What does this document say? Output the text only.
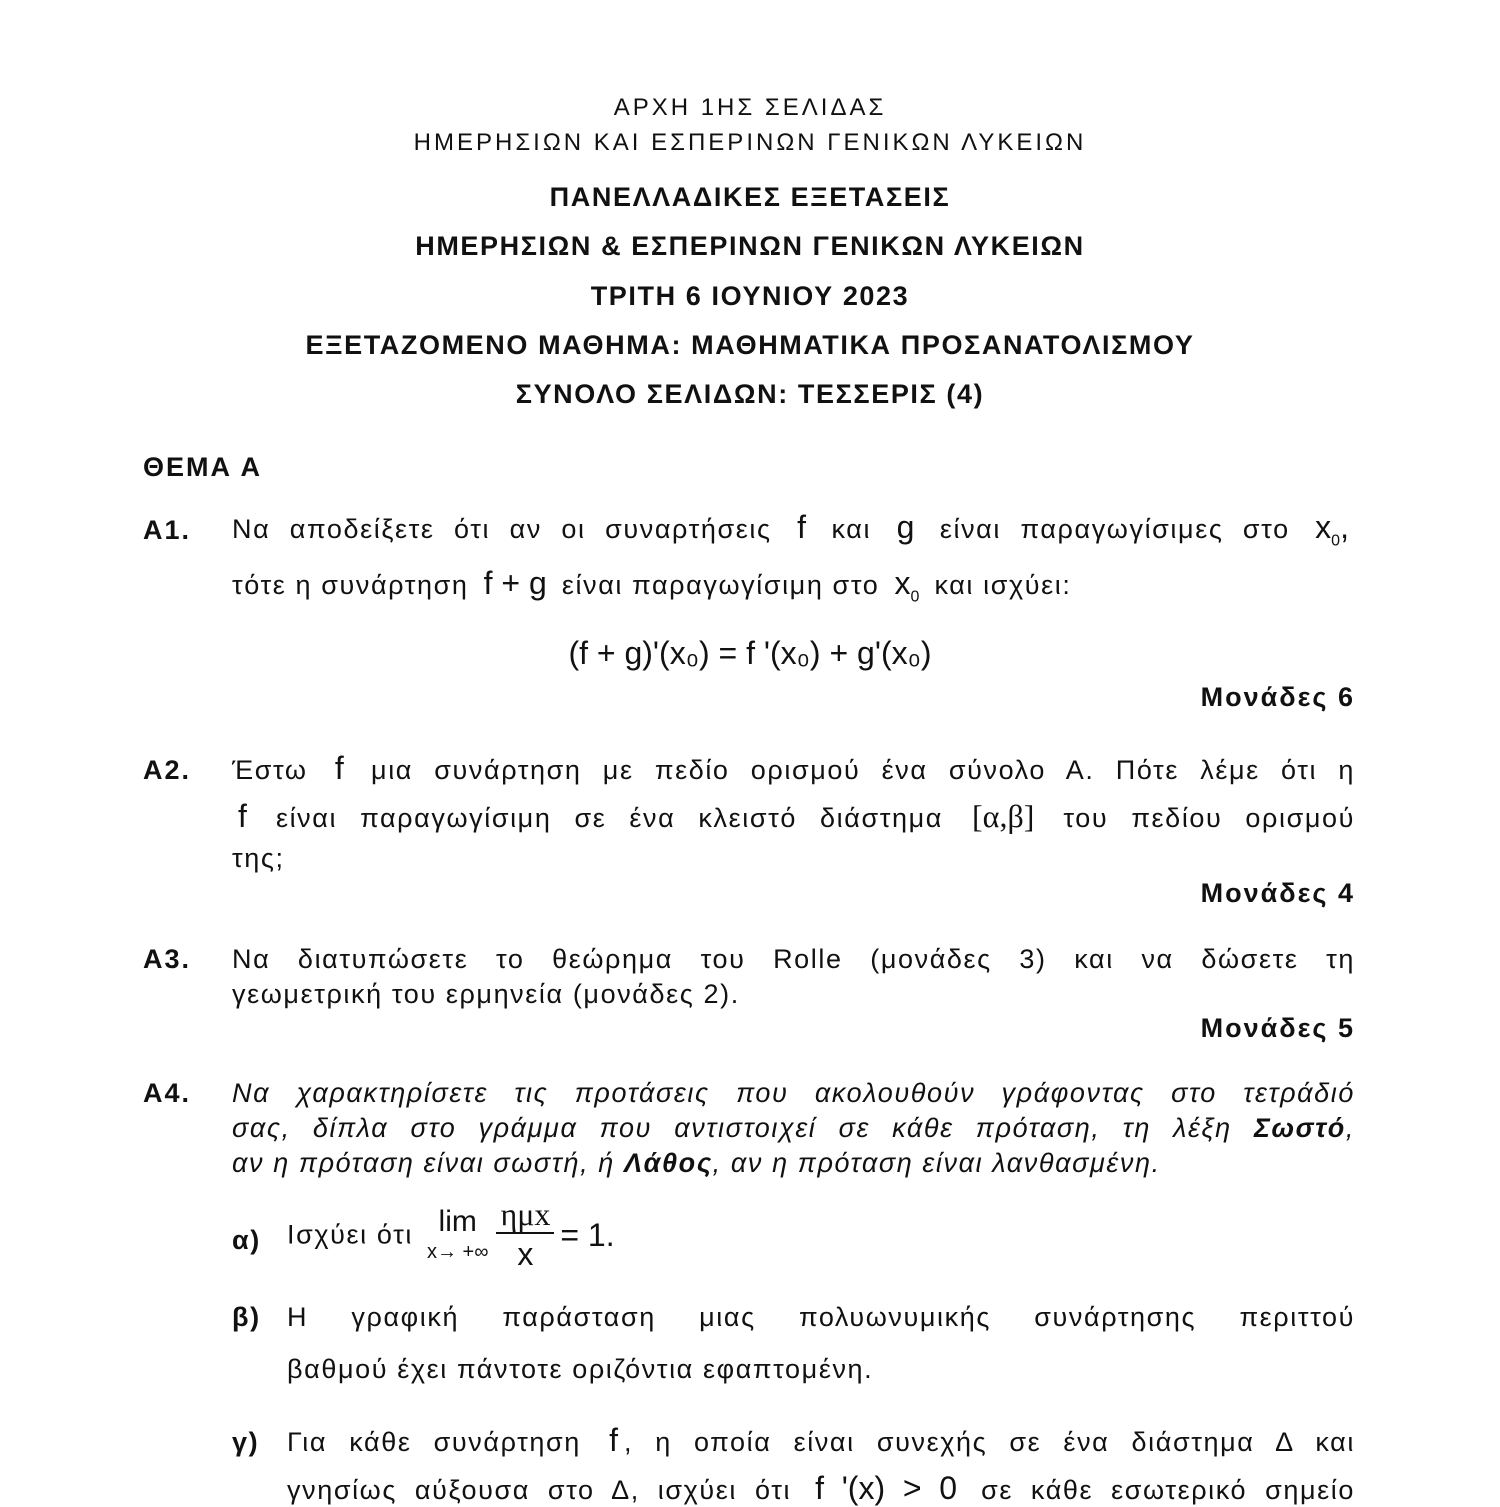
ΑΡΧΗ 1ΗΣ ΣΕΛΙΔΑΣ
ΗΜΕΡΗΣΙΩΝ ΚΑΙ ΕΣΠΕΡΙΝΩΝ ΓΕΝΙΚΩΝ ΛΥΚΕΙΩΝ
ΠΑΝΕΛΛΑΔΙΚΕΣ ΕΞΕΤΑΣΕΙΣ
ΗΜΕΡΗΣΙΩΝ & ΕΣΠΕΡΙΝΩΝ ΓΕΝΙΚΩΝ ΛΥΚΕΙΩΝ
ΤΡΙΤΗ 6 ΙΟΥΝΙΟΥ 2023
ΕΞΕΤΑΖΟΜΕΝΟ ΜΑΘΗΜΑ: ΜΑΘΗΜΑΤΙΚΑ ΠΡΟΣΑΝΑΤΟΛΙΣΜΟΥ
ΣΥΝΟΛΟ ΣΕΛΙΔΩΝ: ΤΕΣΣΕΡΙΣ (4)
ΘΕΜΑ Α
Α1. Να αποδείξετε ότι αν οι συναρτήσεις f και g είναι παραγωγίσιμες στο $x_0$,
τότε η συνάρτηση f + g είναι παραγωγίσιμη στο $x_0$ και ισχύει:
(f + g)'(x₀) = f '(x₀) + g'(x₀)
Μονάδες 6
Α2. Έστω f μια συνάρτηση με πεδίο ορισμού ένα σύνολο Α. Πότε λέμε ότι η
f είναι παραγωγίσιμη σε ένα κλειστό διάστημα [α,β] του πεδίου ορισμού
της;
Μονάδες 4
Α3. Να διατυπώσετε το θεώρημα του Rolle (μονάδες 3) και να δώσετε τη
γεωμετρική του ερμηνεία (μονάδες 2).
Μονάδες 5
Α4. Να χαρακτηρίσετε τις προτάσεις που ακολουθούν γράφοντας στο τετράδιό
σας, δίπλα στο γράμμα που αντιστοιχεί σε κάθε πρόταση, τη λέξη Σωστό,
αν η πρόταση είναι σωστή, ή Λάθος, αν η πρόταση είναι λανθασμένη.
α) Ισχύει ότι lim
x→ +∞ $\frac{\text{ημx}}{x} = 1$.
β) Η γραφική παράσταση μιας πολυωνυμικής συνάρτησης περιττού
βαθμού έχει πάντοτε οριζόντια εφαπτομένη.
γ) Για κάθε συνάρτηση f , η οποία είναι συνεχής σε ένα διάστημα Δ και
γνησίως αύξουσα στο Δ, ισχύει ότι f '(x) > 0 σε κάθε εσωτερικό σημείο
